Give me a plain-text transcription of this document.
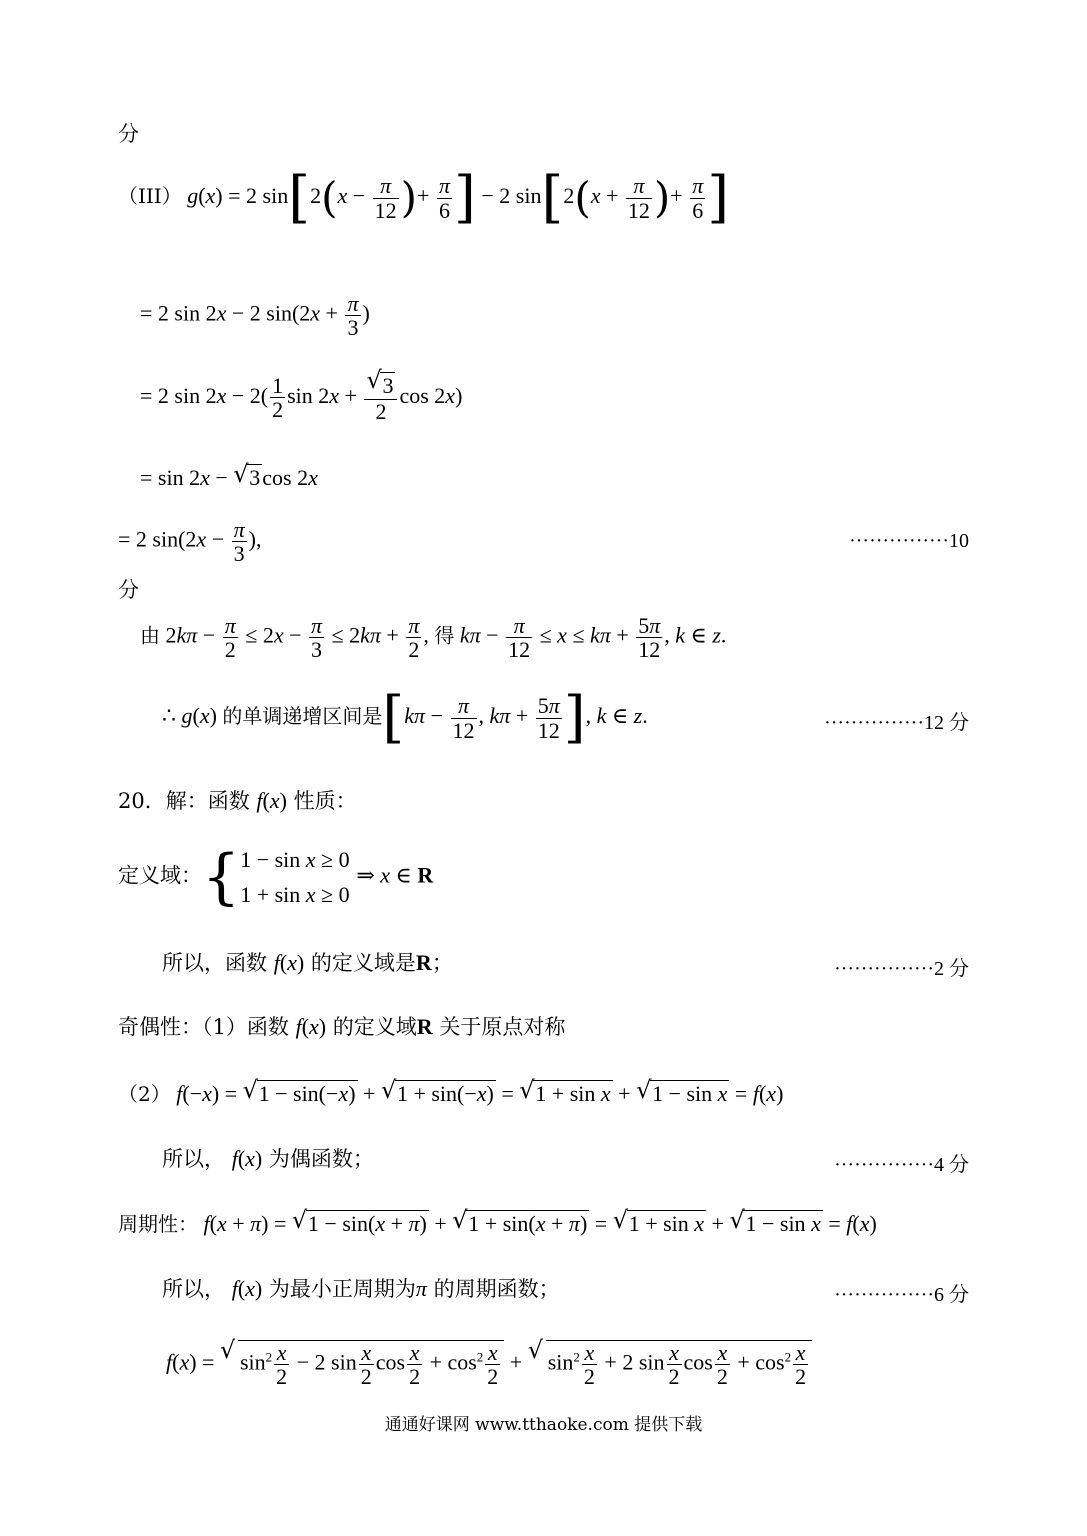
分
（III） g(x) = 2 $\sin[2(x - \frac{\pi}{12}$ )+ $\frac{\pi}{6}$ ] − 2 $\sin[2(x + \frac{\pi}{12}$ )+ $\frac{\pi}{6}$ ]
= 2 sin 2x − 2 $\sin(2x + \frac{\pi}{3}$ )
= 2 $\sin 2x - 2( \frac{1}{2}$ sin 2x +
√ $\frac{3}{2}$ cos 2x)
= sin 2x − √ 3cos 2x
= 2 $\sin(2x - \frac{\pi}{3}$ ),	···············10
分
由 $2k\pi - \frac{\pi}{2} \le 2x - \frac{\pi}{3} \le 2k\pi + \frac{\pi}{2}$ , 得 $k\pi - \frac{\pi}{12} \le x \le k\pi + \frac{5\pi}{12}$ , k ∈ z.
∴ g(x) 的单调递增区间是[$k\pi - \frac{\pi}{12}$ , $k\pi + \frac{5\pi}{12}$ ], k ∈ z.	···············12 分
20．解：函数 f(x) 性质：
定义域：{ 1 − sin x ≥ 0
1 + sin x ≥ 0
⇒ x ∈ R
所以，函数 f(x) 的定义域是R；	···············2 分
奇偶性：（1）函数 f(x) 的定义域R 关于原点对称
（2） f(−x) = √ 1 − sin(−x) + √ 1 + sin(−x) = √ 1 + sin x + √ 1 − sin x = f(x)
所以， f(x) 为偶函数；	···············4 分
周期性： f(x + π) = √ 1 − sin(x + π) + √ 1 + sin(x + π) = √ 1 + sin x + √ 1 − sin x = f(x)
所以， f(x) 为最小正周期为π 的周期函数；	···············6 分
f(x) = √ $\sin^2 \frac{x}{2} - 2$ $\sin \frac{x}{2}$ $\cos \frac{x}{2} + \cos^2 \frac{x}{2}$ + √ $\sin^2 \frac{x}{2} + 2$ $\sin \frac{x}{2}$ $\cos \frac{x}{2} + \cos^2 \frac{x}{2}$
通通好课网 www.tthaoke.com 提供下载
